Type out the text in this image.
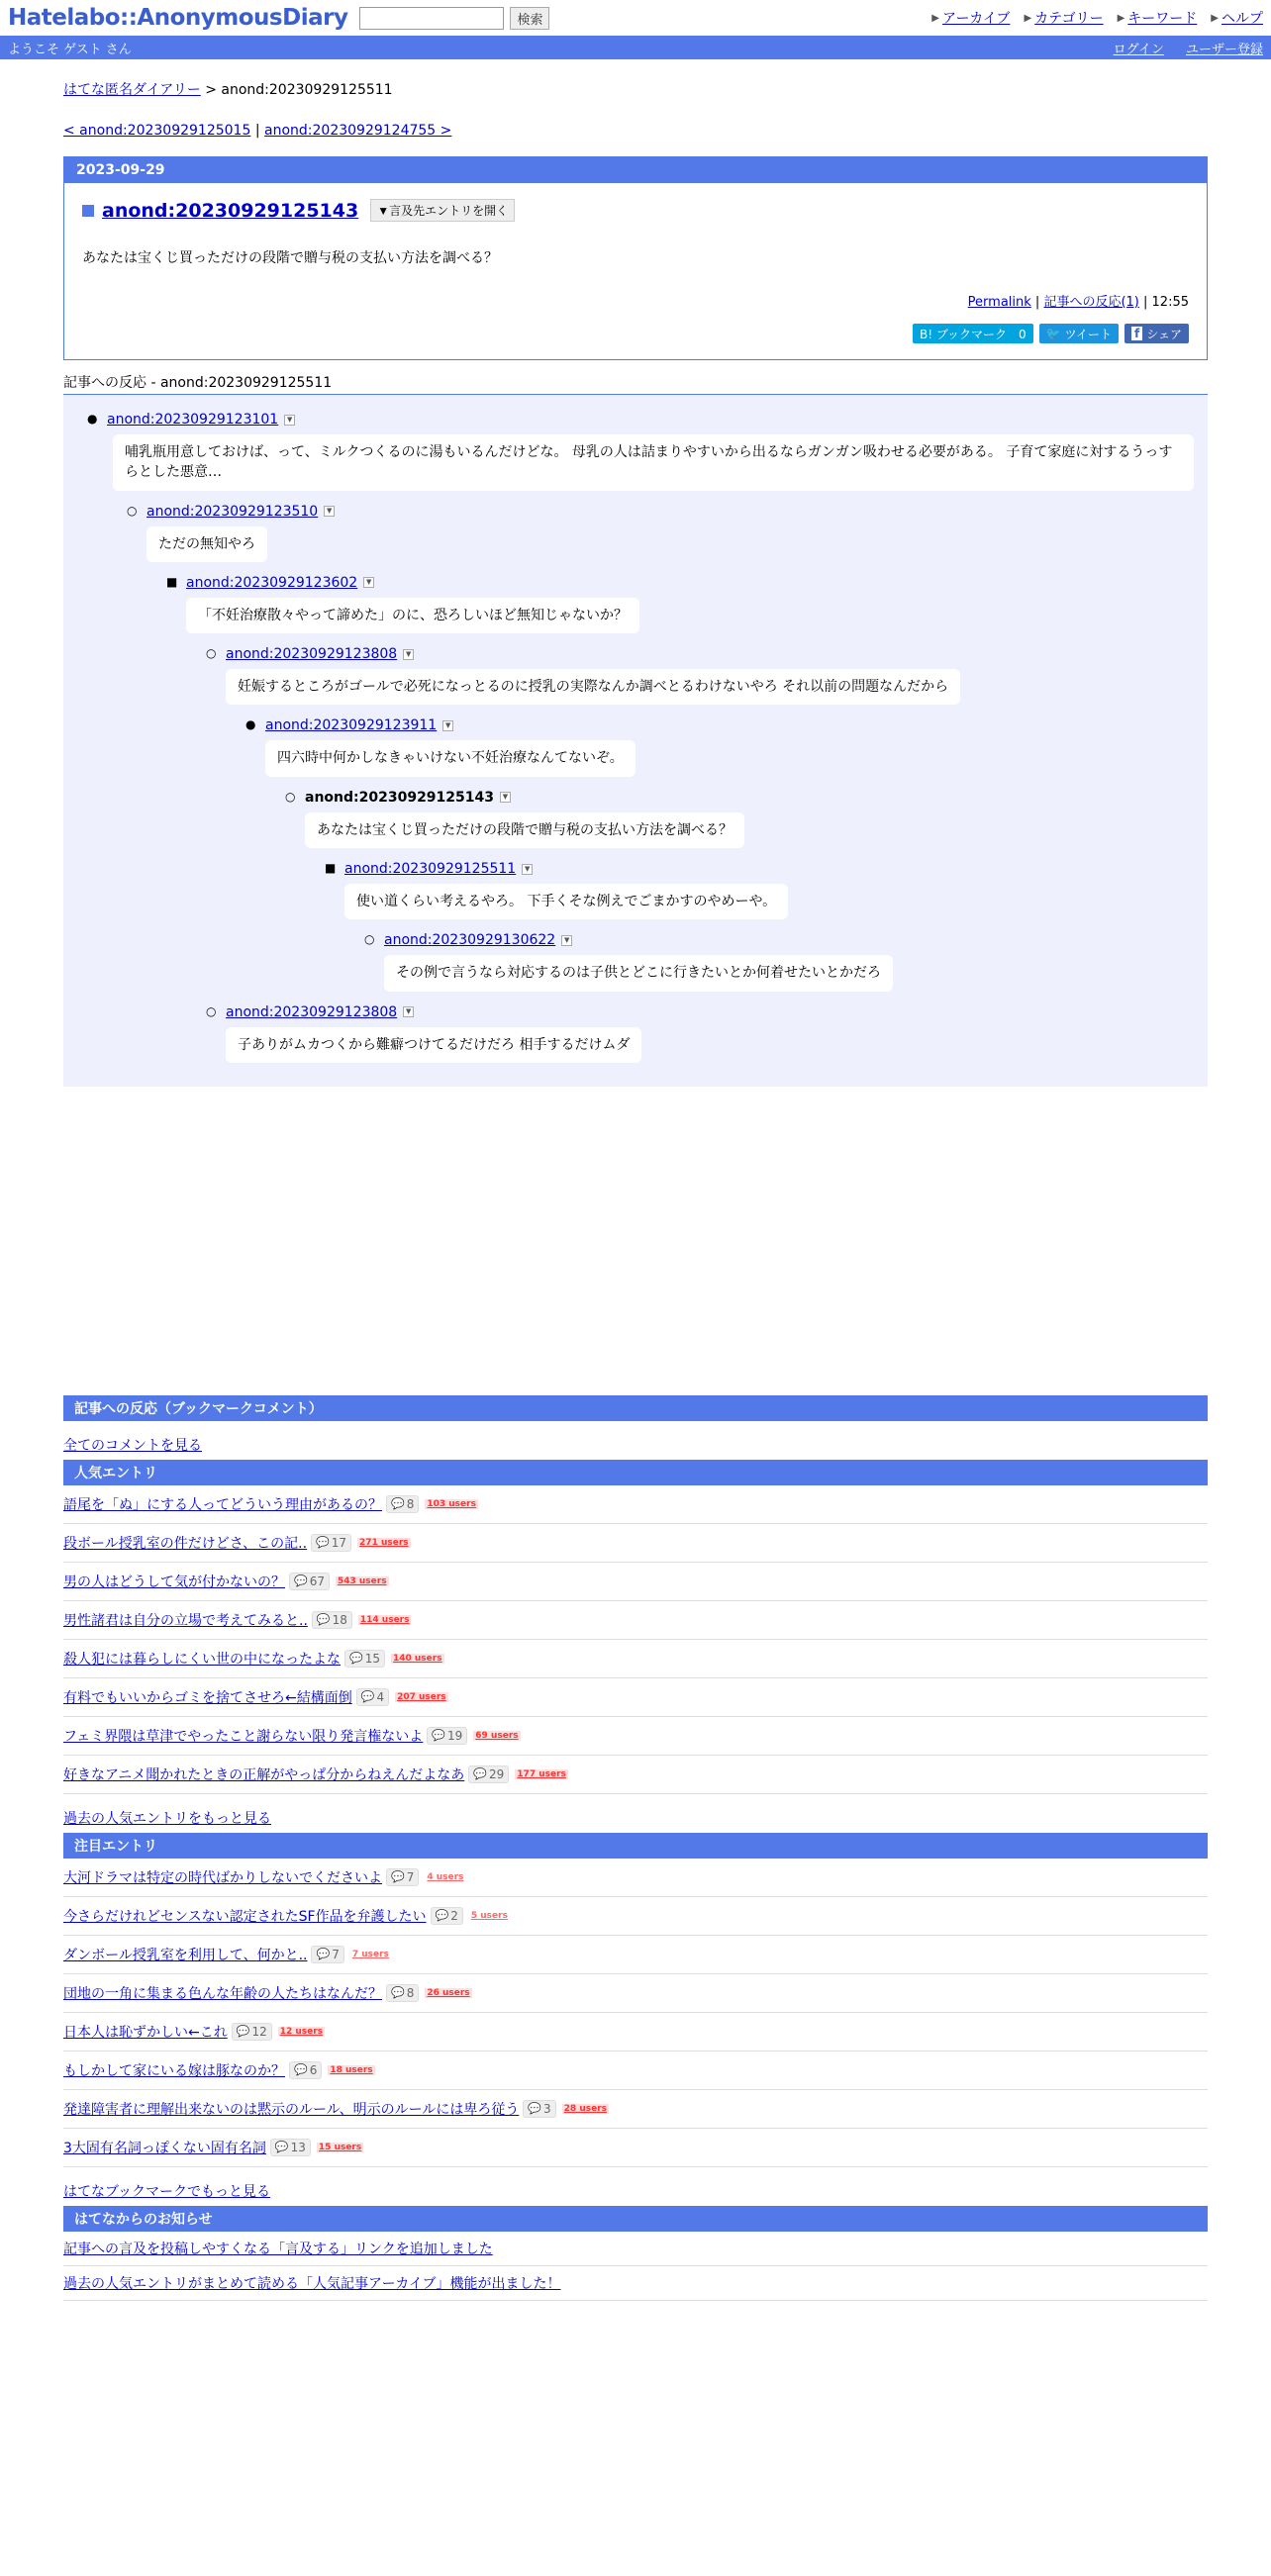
Hatelabo::AnonymousDiary	検索	▶ アーカイブ ▶ カテゴリー ▶ キーワード ▶ ヘルプ
ようこそ ゲスト さん	ログイン ユーザー登録
はてな匿名ダイアリー > anond:20230929125511
< anond:20230929125015 | anond:20230929124755 >
2023-09-29
anond:20230929125143	▼言及先エントリを開く
あなたは宝くじ買っただけの段階で贈与税の支払い方法を調べる？
Permalink | 記事への反応(1) | 12:55
B! ブックマーク　0	🐦 ツイート f シェア
記事への反応 - anond:20230929125511
● anond:20230929123101	▼
哺乳瓶用意しておけば、って、ミルクつくるのに湯もいるんだけどな。 母乳の人は詰まりやすいから出るならガンガン吸わせる必要がある。 子育て家庭に対するうっすらとした悪意…
○ anond:20230929123510	▼
ただの無知やろ
■ anond:20230929123602	▼
「不妊治療散々やって諦めた」のに、恐ろしいほど無知じゃないか？
○ anond:20230929123808	▼
妊娠するところがゴールで必死になっとるのに授乳の実際なんか調べとるわけないやろ それ以前の問題なんだから
● anond:20230929123911	▼
四六時中何かしなきゃいけない不妊治療なんてないぞ。
○ anond:20230929125143	▼
あなたは宝くじ買っただけの段階で贈与税の支払い方法を調べる？
■ anond:20230929125511	▼
使い道くらい考えるやろ。 下手くそな例えでごまかすのやめーや。
○ anond:20230929130622	▼
その例で言うなら対応するのは子供とどこに行きたいとか何着せたいとかだろ
○ anond:20230929123808	▼
子ありがムカつくから難癖つけてるだけだろ 相手するだけムダ
記事への反応（ブックマークコメント）
全てのコメントを見る
人気エントリ
語尾を「ぬ」にする人ってどういう理由があるの？ 💬 8 103 users
段ボール授乳室の件だけどさ、この記.. 💬 17 271 users
男の人はどうして気が付かないの？ 💬 67 543 users
男性諸君は自分の立場で考えてみると.. 💬 18 114 users
殺人犯には暮らしにくい世の中になったよな 💬 15 140 users
有料でもいいからゴミを捨てさせろ←結構面倒 💬 4 207 users
フェミ界隈は草津でやったこと謝らない限り発言権ないよ 💬 19 69 users
好きなアニメ聞かれたときの正解がやっぱ分からねえんだよなあ 💬 29 177 users
過去の人気エントリをもっと見る
注目エントリ
大河ドラマは特定の時代ばかりしないでくださいよ 💬 7 4 users
今さらだけれどセンスない認定されたSF作品を弁護したい 💬 2 5 users
ダンボール授乳室を利用して、何かと.. 💬 7 7 users
団地の一角に集まる色んな年齢の人たちはなんだ？ 💬 8 26 users
日本人は恥ずかしい←これ 💬 12 12 users
もしかして家にいる嫁は豚なのか？ 💬 6 18 users
発達障害者に理解出来ないのは黙示のルール、明示のルールには卑ろ従う 💬 3 28 users
3大固有名詞っぽくない固有名詞 💬 13 15 users
はてなブックマークでもっと見る
はてなからのお知らせ
記事への言及を投稿しやすくなる「言及する」リンクを追加しました
過去の人気エントリがまとめて読める「人気記事アーカイブ」機能が出ました！
